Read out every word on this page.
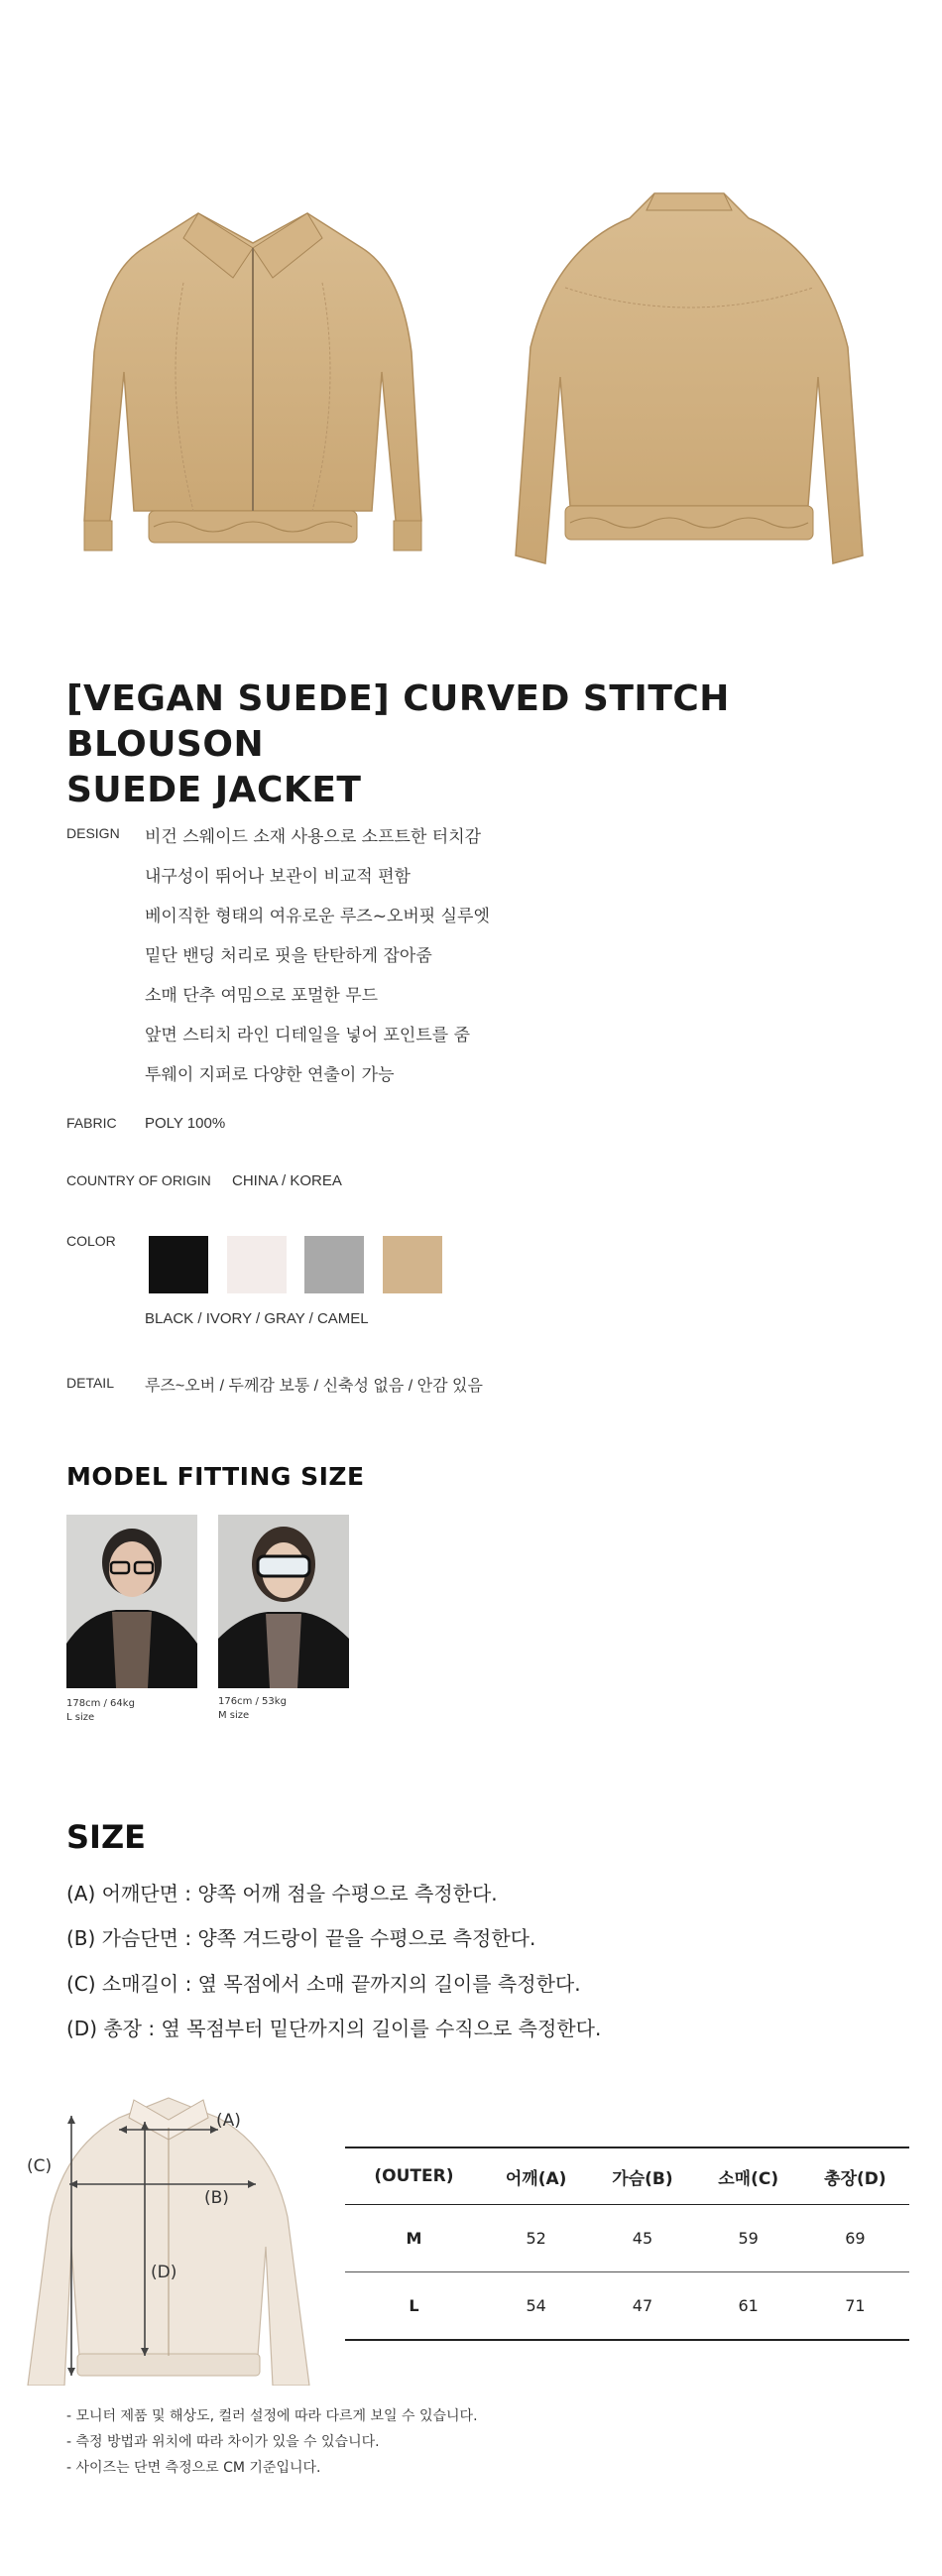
[VEGAN SUEDE] CURVED STITCH BLOUSON
SUEDE JACKET
DESIGN 비건 스웨이드 소재 사용으로 소프트한 터치감
내구성이 뛰어나 보관이 비교적 편함
베이직한 형태의 여유로운 루즈~오버핏 실루엣
밑단 밴딩 처리로 핏을 탄탄하게 잡아줌
소매 단추 여밈으로 포멀한 무드
앞면 스티치 라인 디테일을 넣어 포인트를 줌
투웨이 지퍼로 다양한 연출이 가능
FABRIC POLY 100%
COUNTRY OF ORIGIN CHINA / KOREA
COLOR
BLACK / IVORY / GRAY / CAMEL
DETAIL 루즈~오버 / 두께감 보통 / 신축성 없음 / 안감 있음
MODEL FITTING SIZE
178cm / 64kg
L size
176cm / 53kg
M size
SIZE
(A) 어깨단면 : 양쪽 어깨 점을 수평으로 측정한다.
(B) 가슴단면 : 양쪽 겨드랑이 끝을 수평으로 측정한다.
(C) 소매길이 : 옆 목점에서 소매 끝까지의 길이를 측정한다.
(D) 총장 : 옆 목점부터 밑단까지의 길이를 수직으로 측정한다.
(A)
(B)
(C)
(D)
(OUTER)	어깨(A)	가슴(B)	소매(C)	총장(D)
M	52	45	59	69
L	54	47	61	71
- 모니터 제품 및 해상도, 컬러 설정에 따라 다르게 보일 수 있습니다.
- 측정 방법과 위치에 따라 차이가 있을 수 있습니다.
- 사이즈는 단면 측정으로 CM 기준입니다.
